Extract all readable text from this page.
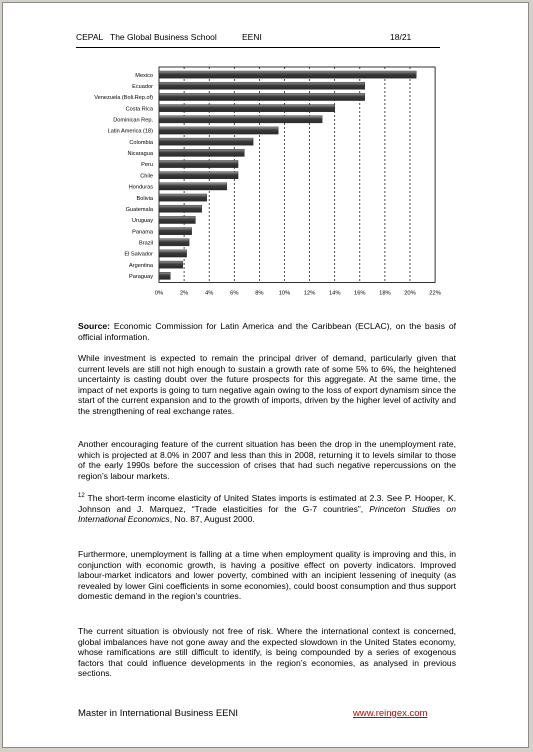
CEPAL The Global Business School	EENI	18/21
Mexico
Ecuador
Venezuela (Boli.Rep.of)
Costa Rica
Dominican Rep.
Latin America (18)
Colombia
Nicaragua
Peru
Chile
Honduras
Bolivia
Guatemala
Uruguay
Panama
Brazil
El Salvador
Argentina
Paraguay
0%	2%	4%	6%	8%	10% 12% 14% 16% 18% 20% 22%

Source: Economic Commission for Latin America and the Caribbean (ECLAC), on the basis of official information.

While investment is expected to remain the principal driver of demand, particularly given that current levels are still not high enough to sustain a growth rate of some 5% to 6%, the heightened uncertainty is casting doubt over the future prospects for this aggregate. At the same time, the impact of net exports is going to turn negative again owing to the loss of export dynamism since the start of the current expansion and to the growth of imports, driven by the higher level of activity and the strengthening of real exchange rates.

Another encouraging feature of the current situation has been the drop in the unemployment rate, which is projected at 8.0% in 2007 and less than this in 2008, returning it to levels similar to those of the early 1990s before the succession of crises that had such negative repercussions on the region’s labour markets.

$^{12}$ The short-term income elasticity of United States imports is estimated at 2.3. See P. Hooper, K. Johnson and J. Marquez, “Trade elasticities for the G-7 countries”, Princeton Studies on International Economics, No. 87, August 2000.

Furthermore, unemployment is falling at a time when employment quality is improving and this, in conjunction with economic growth, is having a positive effect on poverty indicators. Improved labour-market indicators and lower poverty, combined with an incipient lessening of inequity (as revealed by lower Gini coefficients in some economies), could boost consumption and thus support domestic demand in the region’s countries.

The current situation is obviously not free of risk. Where the international context is concerned, global imbalances have not gone away and the expected slowdown in the United States economy, whose ramifications are still difficult to identify, is being compounded by a series of exogenous factors that could influence developments in the region’s economies, as analysed in previous sections.

Master in International Business EENI	www.reingex.com
